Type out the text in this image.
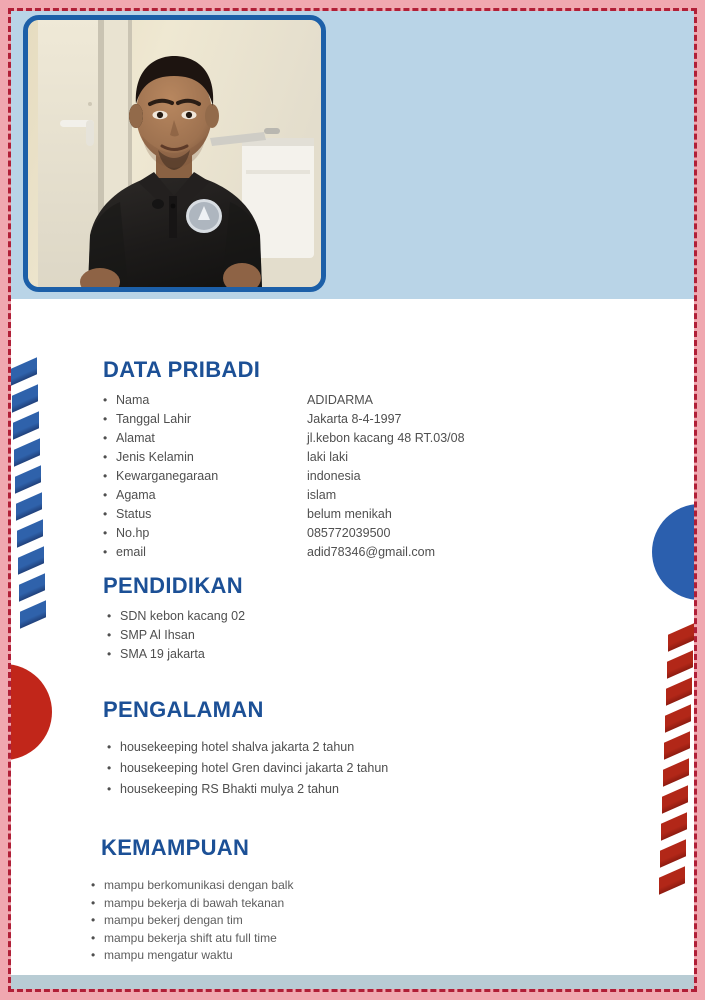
DATA PRIBADI
• Nama
• Tanggal Lahir
• Alamat
• Jenis Kelamin
• Kewarganegaraan
• Agama
• Status
• No.hp
• email
ADIDARMA
Jakarta 8-4-1997
jl.kebon kacang 48 RT.03/08
laki laki
indonesia
islam
belum menikah
085772039500
adid78346@gmail.com
PENDIDIKAN
• SDN kebon kacang 02
• SMP Al Ihsan
• SMA 19 jakarta
PENGALAMAN
• housekeeping hotel shalva jakarta 2 tahun
• housekeeping hotel Gren davinci jakarta 2 tahun
• housekeeping RS Bhakti mulya 2 tahun
KEMAMPUAN
• mampu berkomunikasi dengan balk
• mampu bekerja di bawah tekanan
• mampu bekerj dengan tim
• mampu bekerja shift atu full time
• mampu mengatur waktu
